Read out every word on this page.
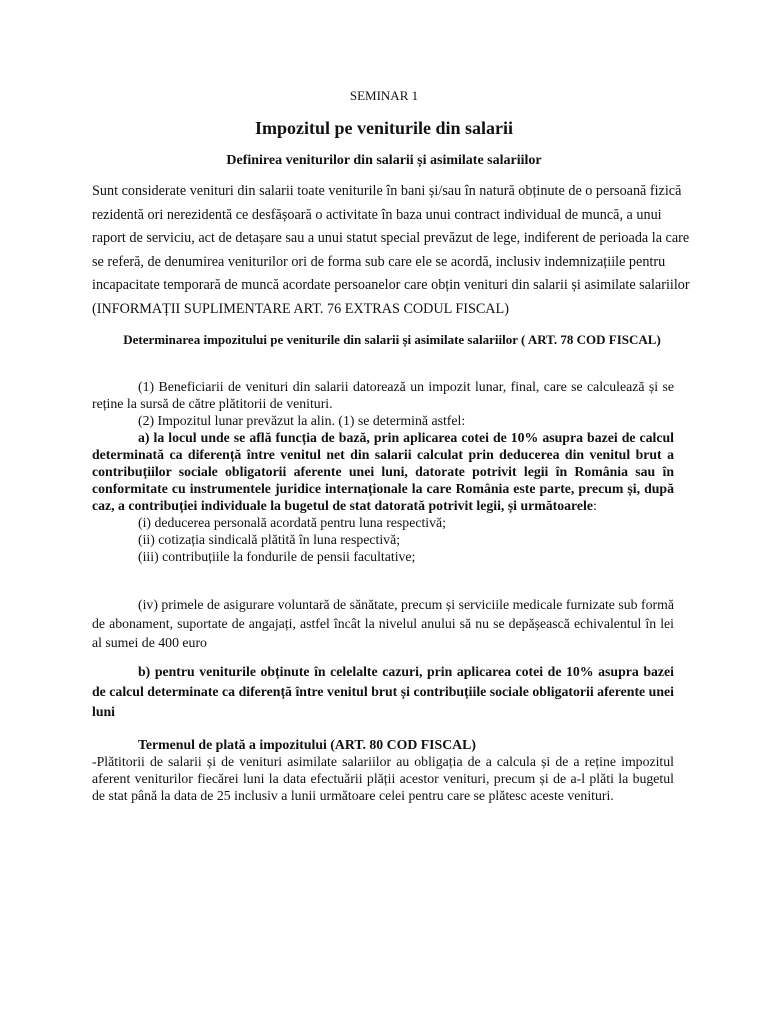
SEMINAR 1
Impozitul pe veniturile din salarii
Definirea veniturilor din salarii și asimilate salariilor
Sunt considerate venituri din salarii toate veniturile în bani și/sau în natură obținute de o persoană fizică rezidentă ori nerezidentă ce desfășoară o activitate în baza unui contract individual de muncă, a unui raport de serviciu, act de detașare sau a unui statut special prevăzut de lege, indiferent de perioada la care se referă, de denumirea veniturilor ori de forma sub care ele se acordă, inclusiv indemnizațiile pentru incapacitate temporară de muncă acordate persoanelor care obțin venituri din salarii și asimilate salariilor (INFORMAȚII SUPLIMENTARE ART. 76 EXTRAS CODUL FISCAL)
Determinarea impozitului pe veniturile din salarii și asimilate salariilor ( ART. 78 COD FISCAL)

(1) Beneficiarii de venituri din salarii datorează un impozit lunar, final, care se calculează și se reține la sursă de către plătitorii de venituri.

(2) Impozitul lunar prevăzut la alin. (1) se determină astfel:

a) la locul unde se află funcția de bază, prin aplicarea cotei de 10% asupra bazei de calcul determinată ca diferență între venitul net din salarii calculat prin deducerea din venitul brut a contribuțiilor sociale obligatorii aferente unei luni, datorate potrivit legii în România sau în conformitate cu instrumentele juridice internaționale la care România este parte, precum și, după caz, a contribuției individuale la bugetul de stat datorată potrivit legii, și următoarele:

(i) deducerea personală acordată pentru luna respectivă;

(ii) cotizația sindicală plătită în luna respectivă;

(iii) contribuțiile la fondurile de pensii facultative;

(iv) primele de asigurare voluntară de sănătate, precum și serviciile medicale furnizate sub formă de abonament, suportate de angajați, astfel încât la nivelul anului să nu se depășească echivalentul în lei al sumei de 400 euro

b) pentru veniturile obținute în celelalte cazuri, prin aplicarea cotei de 10% asupra bazei de calcul determinate ca diferență între venitul brut și contribuțiile sociale obligatorii aferente unei luni

Termenul de plată a impozitului (ART. 80 COD FISCAL)

-Plătitorii de salarii și de venituri asimilate salariilor au obligația de a calcula și de a reține impozitul aferent veniturilor fiecărei luni la data efectuării plății acestor venituri, precum și de a-l plăti la bugetul de stat până la data de 25 inclusiv a lunii următoare celei pentru care se plătesc aceste venituri.
